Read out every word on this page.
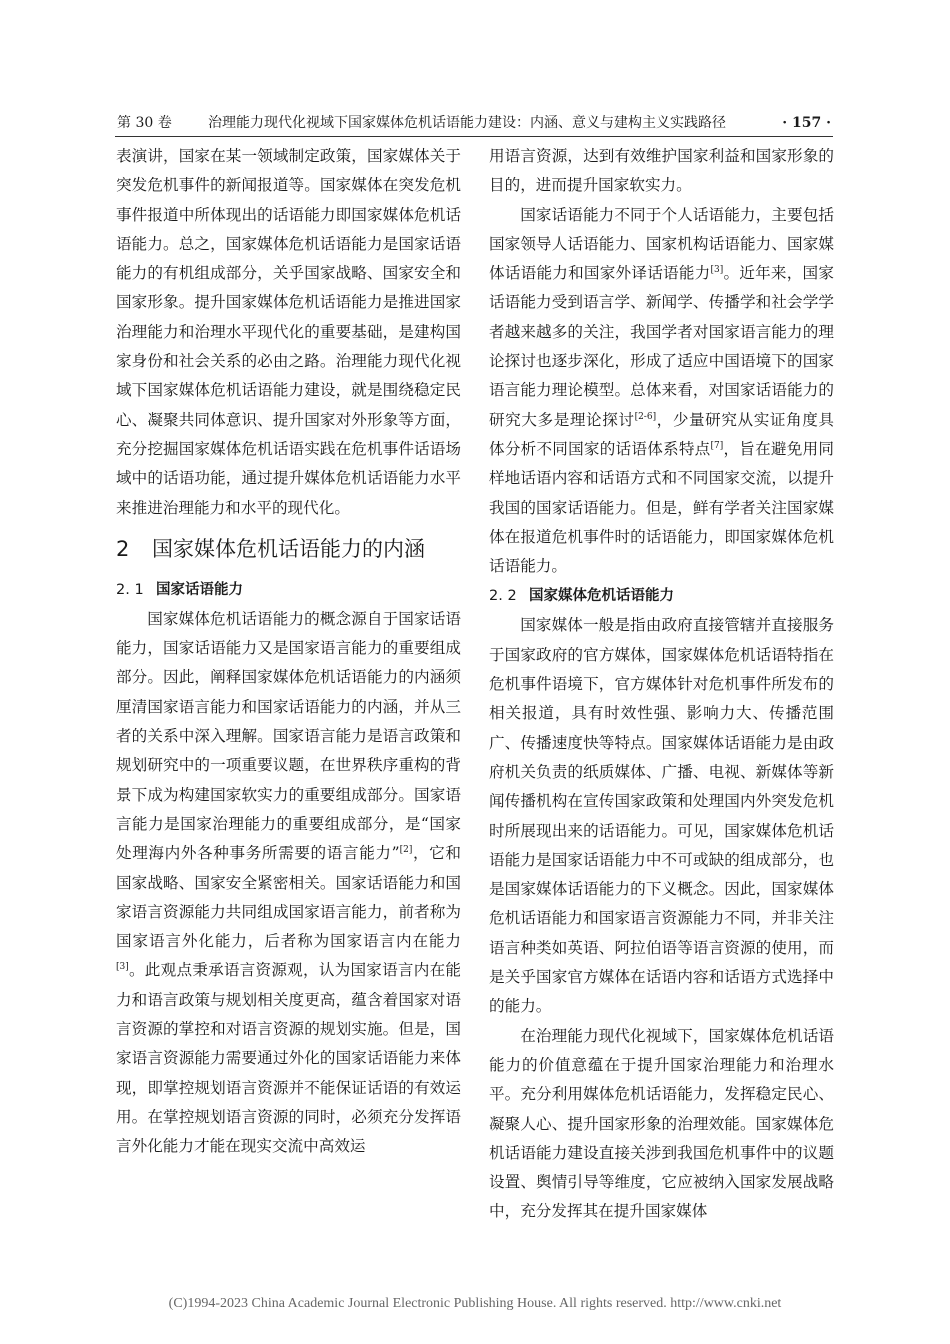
第 30 卷	治理能力现代化视域下国家媒体危机话语能力建设：内涵、意义与建构主义实践路径	· 157 ·

表演讲，国家在某一领域制定政策，国家媒体关于突发危机事件的新闻报道等。国家媒体在突发危机事件报道中所体现出的话语能力即国家媒体危机话语能力。总之，国家媒体危机话语能力是国家话语能力的有机组成部分，关乎国家战略、国家安全和国家形象。提升国家媒体危机话语能力是推进国家治理能力和治理水平现代化的重要基础，是建构国家身份和社会关系的必由之路。治理能力现代化视域下国家媒体危机话语能力建设，就是围绕稳定民心、凝聚共同体意识、提升国家对外形象等方面，充分挖掘国家媒体危机话语实践在危机事件话语场域中的话语功能，通过提升媒体危机话语能力水平来推进治理能力和水平的现代化。

2 国家媒体危机话语能力的内涵
2. 1 国家话语能力

国家媒体危机话语能力的概念源自于国家话语能力，国家话语能力又是国家语言能力的重要组成部分。因此，阐释国家媒体危机话语能力的内涵须厘清国家语言能力和国家话语能力的内涵，并从三者的关系中深入理解。国家语言能力是语言政策和规划研究中的一项重要议题，在世界秩序重构的背景下成为构建国家软实力的重要组成部分。国家语言能力是国家治理能力的重要组成部分，是“国家处理海内外各种事务所需要的语言能力”[2]，它和国家战略、国家安全紧密相关。国家话语能力和国家语言资源能力共同组成国家语言能力，前者称为国家语言外化能力，后者称为国家语言内在能力[3]。此观点秉承语言资源观，认为国家语言内在能力和语言政策与规划相关度更高，蕴含着国家对语言资源的掌控和对语言资源的规划实施。但是，国家语言资源能力需要通过外化的国家话语能力来体现，即掌控规划语言资源并不能保证话语的有效运用。在掌控规划语言资源的同时，必须充分发挥语言外化能力才能在现实交流中高效运

用语言资源，达到有效维护国家利益和国家形象的目的，进而提升国家软实力。

国家话语能力不同于个人话语能力，主要包括国家领导人话语能力、国家机构话语能力、国家媒体话语能力和国家外译话语能力[3]。近年来，国家话语能力受到语言学、新闻学、传播学和社会学学者越来越多的关注，我国学者对国家语言能力的理论探讨也逐步深化，形成了适应中国语境下的国家语言能力理论模型。总体来看，对国家话语能力的研究大多是理论探讨[2-6]，少量研究从实证角度具体分析不同国家的话语体系特点[7]，旨在避免用同样地话语内容和话语方式和不同国家交流，以提升我国的国家话语能力。但是，鲜有学者关注国家媒体在报道危机事件时的话语能力，即国家媒体危机话语能力。

2. 2 国家媒体危机话语能力

国家媒体一般是指由政府直接管辖并直接服务于国家政府的官方媒体，国家媒体危机话语特指在危机事件语境下，官方媒体针对危机事件所发布的相关报道，具有时效性强、影响力大、传播范围广、传播速度快等特点。国家媒体话语能力是由政府机关负责的纸质媒体、广播、电视、新媒体等新闻传播机构在宣传国家政策和处理国内外突发危机时所展现出来的话语能力。可见，国家媒体危机话语能力是国家话语能力中不可或缺的组成部分，也是国家媒体话语能力的下义概念。因此，国家媒体危机话语能力和国家语言资源能力不同，并非关注语言种类如英语、阿拉伯语等语言资源的使用，而是关乎国家官方媒体在话语内容和话语方式选择中的能力。

在治理能力现代化视域下，国家媒体危机话语能力的价值意蕴在于提升国家治理能力和治理水平。充分利用媒体危机话语能力，发挥稳定民心、凝聚人心、提升国家形象的治理效能。国家媒体危机话语能力建设直接关涉到我国危机事件中的议题设置、舆情引导等维度，它应被纳入国家发展战略中，充分发挥其在提升国家媒体

(C)1994-2023 China Academic Journal Electronic Publishing House. All rights reserved. http://www.cnki.net
